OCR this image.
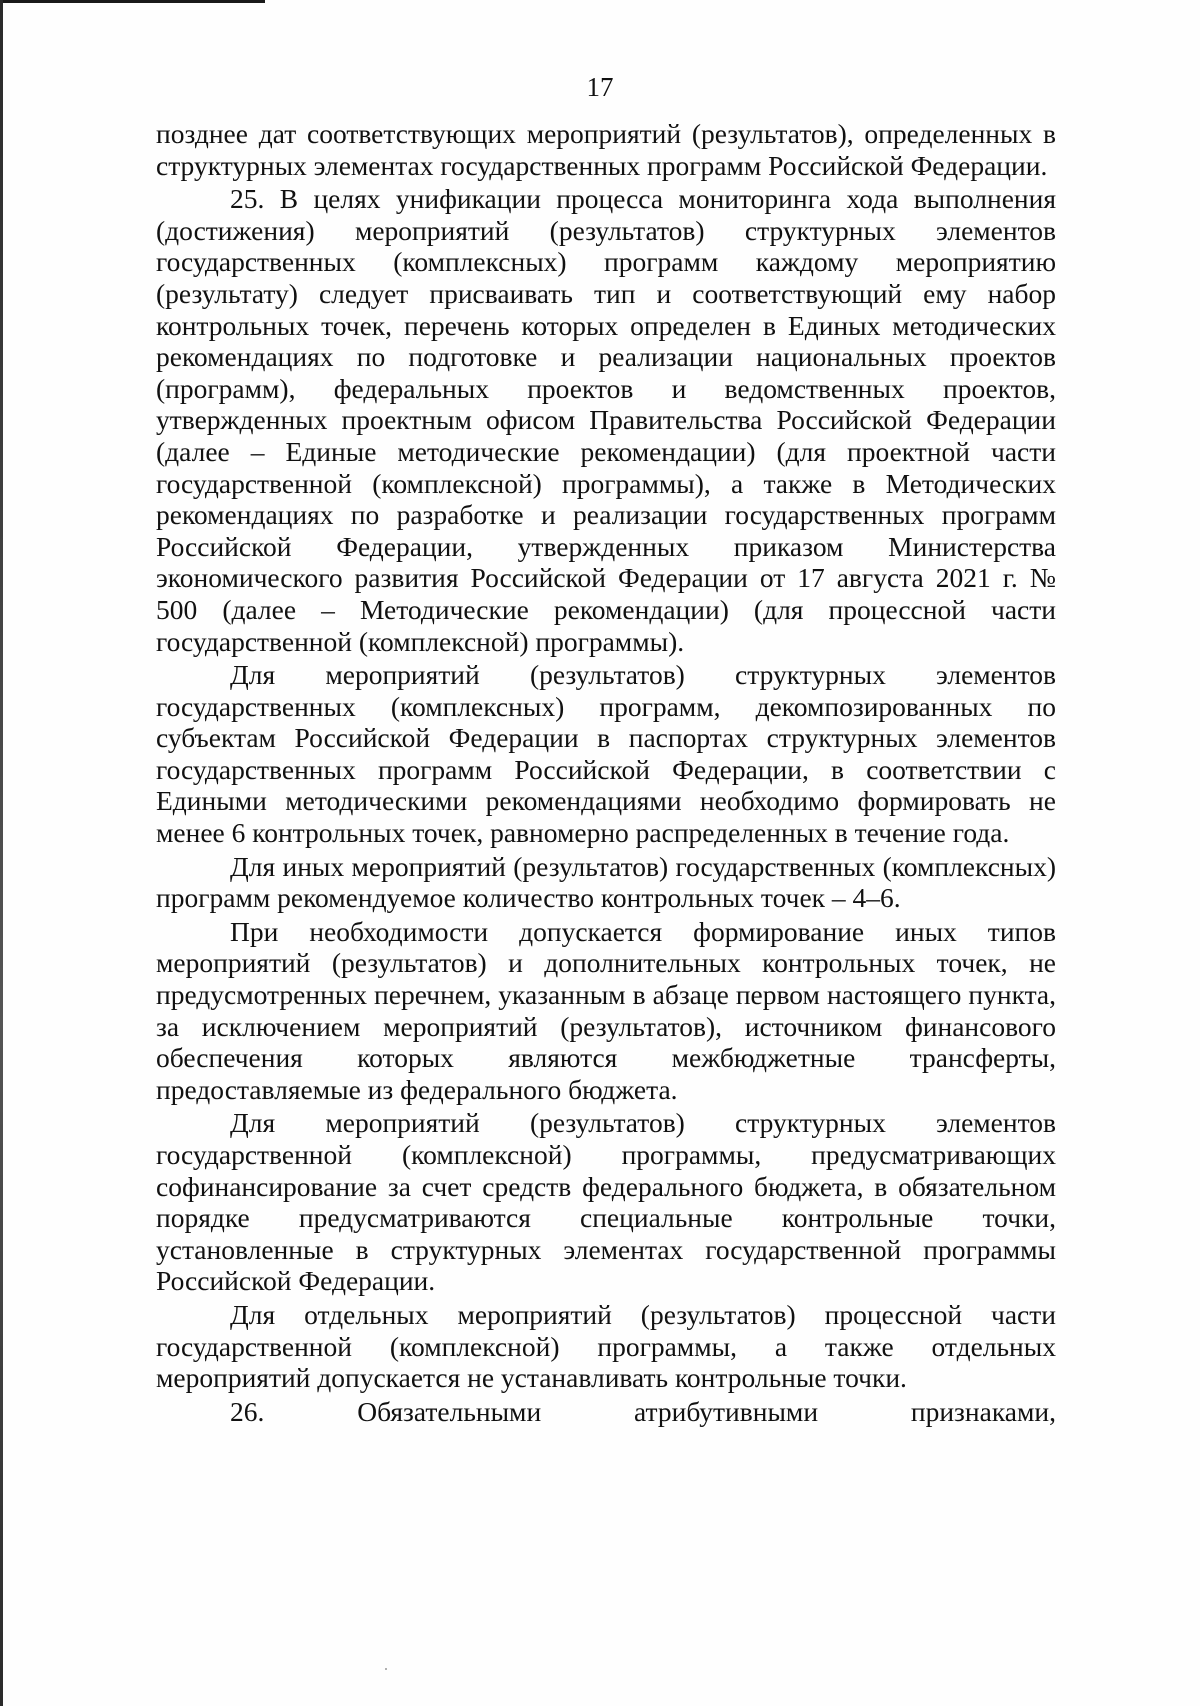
17

позднее дат соответствующих мероприятий (результатов), определенных в структурных элементах государственных программ Российской Федерации.

25. В целях унификации процесса мониторинга хода выполнения (достижения) мероприятий (результатов) структурных элементов государственных (комплексных) программ каждому мероприятию (результату) следует присваивать тип и соответствующий ему набор контрольных точек, перечень которых определен в Единых методических рекомендациях по подготовке и реализации национальных проектов (программ), федеральных проектов и ведомственных проектов, утвержденных проектным офисом Правительства Российской Федерации (далее – Единые методические рекомендации) (для проектной части государственной (комплексной) программы), а также в Методических рекомендациях по разработке и реализации государственных программ Российской Федерации, утвержденных приказом Министерства экономического развития Российской Федерации от 17 августа 2021 г. № 500 (далее – Методические рекомендации) (для процессной части государственной (комплексной) программы).

Для мероприятий (результатов) структурных элементов государственных (комплексных) программ, декомпозированных по субъектам Российской Федерации в паспортах структурных элементов государственных программ Российской Федерации, в соответствии с Едиными методическими рекомендациями необходимо формировать не менее 6 контрольных точек, равномерно распределенных в течение года.

Для иных мероприятий (результатов) государственных (комплексных) программ рекомендуемое количество контрольных точек – 4–6.

При необходимости допускается формирование иных типов мероприятий (результатов) и дополнительных контрольных точек, не предусмотренных перечнем, указанным в абзаце первом настоящего пункта, за исключением мероприятий (результатов), источником финансового обеспечения которых являются межбюджетные трансферты, предоставляемые из федерального бюджета.

Для мероприятий (результатов) структурных элементов государственной (комплексной) программы, предусматривающих софинансирование за счет средств федерального бюджета, в обязательном порядке предусматриваются специальные контрольные точки, установленные в структурных элементах государственной программы Российской Федерации.

Для отдельных мероприятий (результатов) процессной части государственной (комплексной) программы, а также отдельных мероприятий допускается не устанавливать контрольные точки.

26. Обязательными атрибутивными признаками,
